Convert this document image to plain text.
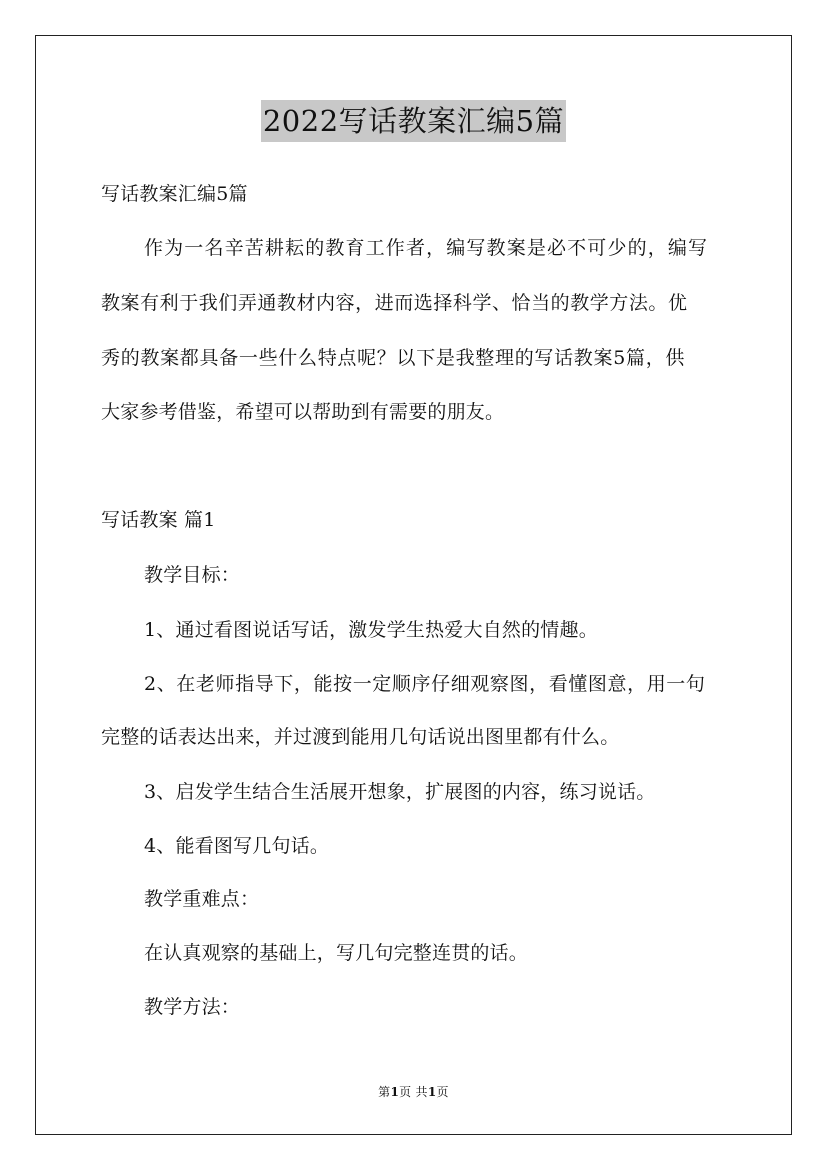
2022写话教案汇编5篇
写话教案汇编5篇
作为一名辛苦耕耘的教育工作者，编写教案是必不可少的，编写
教案有利于我们弄通教材内容，进而选择科学、恰当的教学方法。优
秀的教案都具备一些什么特点呢？以下是我整理的写话教案5篇，供
大家参考借鉴，希望可以帮助到有需要的朋友。
写话教案 篇1
教学目标：
1、通过看图说话写话，激发学生热爱大自然的情趣。
2、在老师指导下，能按一定顺序仔细观察图，看懂图意，用一句
完整的话表达出来，并过渡到能用几句话说出图里都有什么。
3、启发学生结合生活展开想象，扩展图的内容，练习说话。
4、能看图写几句话。
教学重难点：
在认真观察的基础上，写几句完整连贯的话。
教学方法：
第1页 共1页
